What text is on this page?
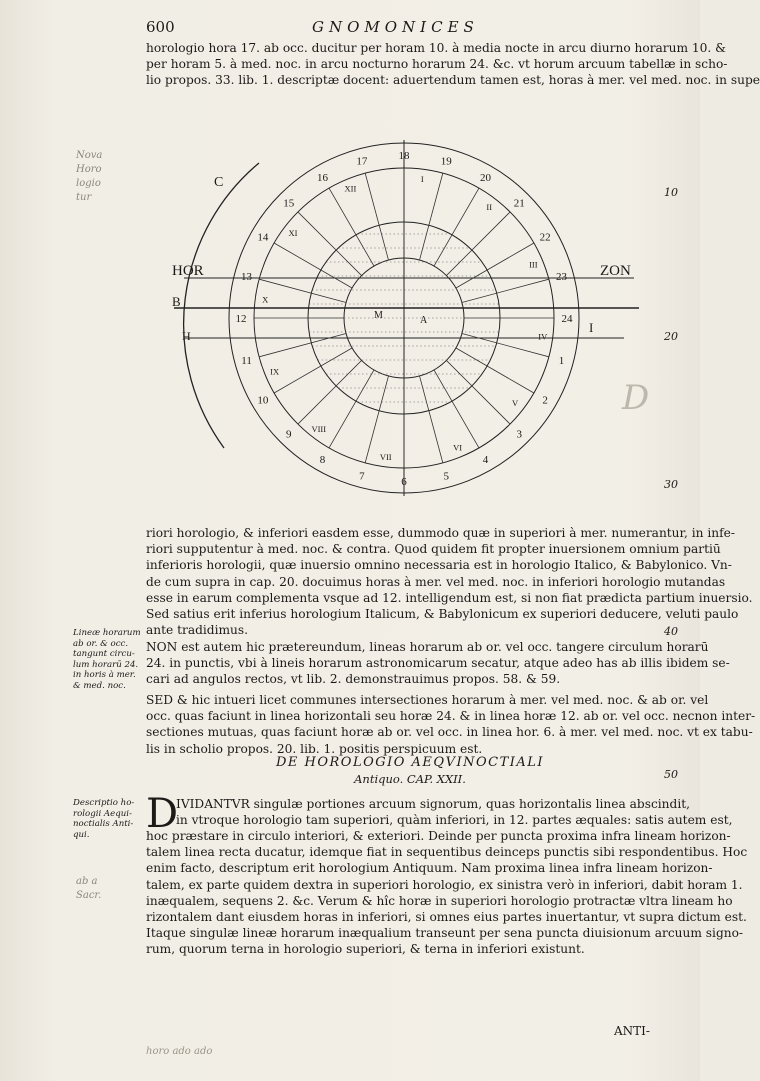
600	GNOMONICES
horologio hora 17. ab occ. ducitur per horam 10. à media nocte in arcu diurno horarum 10. &
per horam 5. à med. noc. in arcu nocturno horarum 24. &c. vt horum arcuum tabellæ in scho-
lio propos. 33. lib. 1. descriptæ docent: aduertendum tamen est, horas à mer. vel med. noc. in supe
18
I
19
20
II 21
22
III
23
24
IV
1
2
V
3
4
VI
5
6
VII
7
8
VIII
9
10
IX
11
12
X
13
14 XI
15
16
XII
17
C
HOR
B
H
ZON
I
M	A
riori horologio, & inferiori easdem esse, dummodo quæ in superiori à mer. numerantur, in infe-
riori supputentur à med. noc. & contra. Quod quidem fit propter inuersionem omnium partiū
inferioris horologii, quæ inuersio omnino necessaria est in horologio Italico, & Babylonico. Vn-
de cum supra in cap. 20. docuimus horas à mer. vel med. noc. in inferiori horologio mutandas
esse in earum complementa vsque ad 12. intelligendum est, si non fiat prædicta partium inuersio.
Sed satius erit inferius horologium Italicum, & Babylonicum ex superiori deducere, veluti paulo
ante tradidimus.
NON est autem hic prætereundum, lineas horarum ab or. vel occ. tangere circulum horarū
24. in punctis, vbi à lineis horarum astronomicarum secatur, atque adeo has ab illis ibidem se-
cari ad angulos rectos, vt lib. 2. demonstrauimus propos. 58. & 59.
SED & hic intueri licet communes intersectiones horarum à mer. vel med. noc. & ab or. vel
occ. quas faciunt in linea horizontali seu horæ 24. & in linea horæ 12. ab or. vel occ. necnon inter-
sectiones mutuas, quas faciunt horæ ab or. vel occ. in linea hor. 6. à mer. vel med. noc. vt ex tabu-
lis in scholio propos. 20. lib. 1. positis perspicuum est.
DE HOROLOGIO AEQVINOCTIALI
Antiquo. CAP. XXII.
D
IVIDANTVR singulæ portiones arcuum signorum, quas horizontalis linea abscindit,
in vtroque horologio tam superiori, quàm inferiori, in 12. partes æquales: satis autem est,
hoc præstare in circulo interiori, & exteriori. Deinde per puncta proxima infra lineam horizon-
talem linea recta ducatur, idemque fiat in sequentibus deinceps punctis sibi respondentibus. Hoc
enim facto, descriptum erit horologium Antiquum. Nam proxima linea infra lineam horizon-
talem, ex parte quidem dextra in superiori horologio, ex sinistra verò in inferiori, dabit horam 1.
inæqualem, sequens 2. &c. Verum & hîc horæ in superiori horologio protractæ vltra lineam ho
rizontalem dant eiusdem horas in inferiori, si omnes eius partes inuertantur, vt supra dictum est.
Itaque singulæ lineæ horarum inæqualium transeunt per sena puncta diuisionum arcuum signo-
rum, quorum terna in horologio superiori, & terna in inferiori existunt.
ANTI-
Lineæ horarum
ab or. & occ.
tangunt circu-
lum horarū 24.
in horis à mer.
& med. noc.
Descriptio ho-
rologii Aequi-
noctialis Anti-
qui.
10
20
30
40
50
Nova
Horo
logio
tur
ab a
Sacr.
D
horo ado ado
